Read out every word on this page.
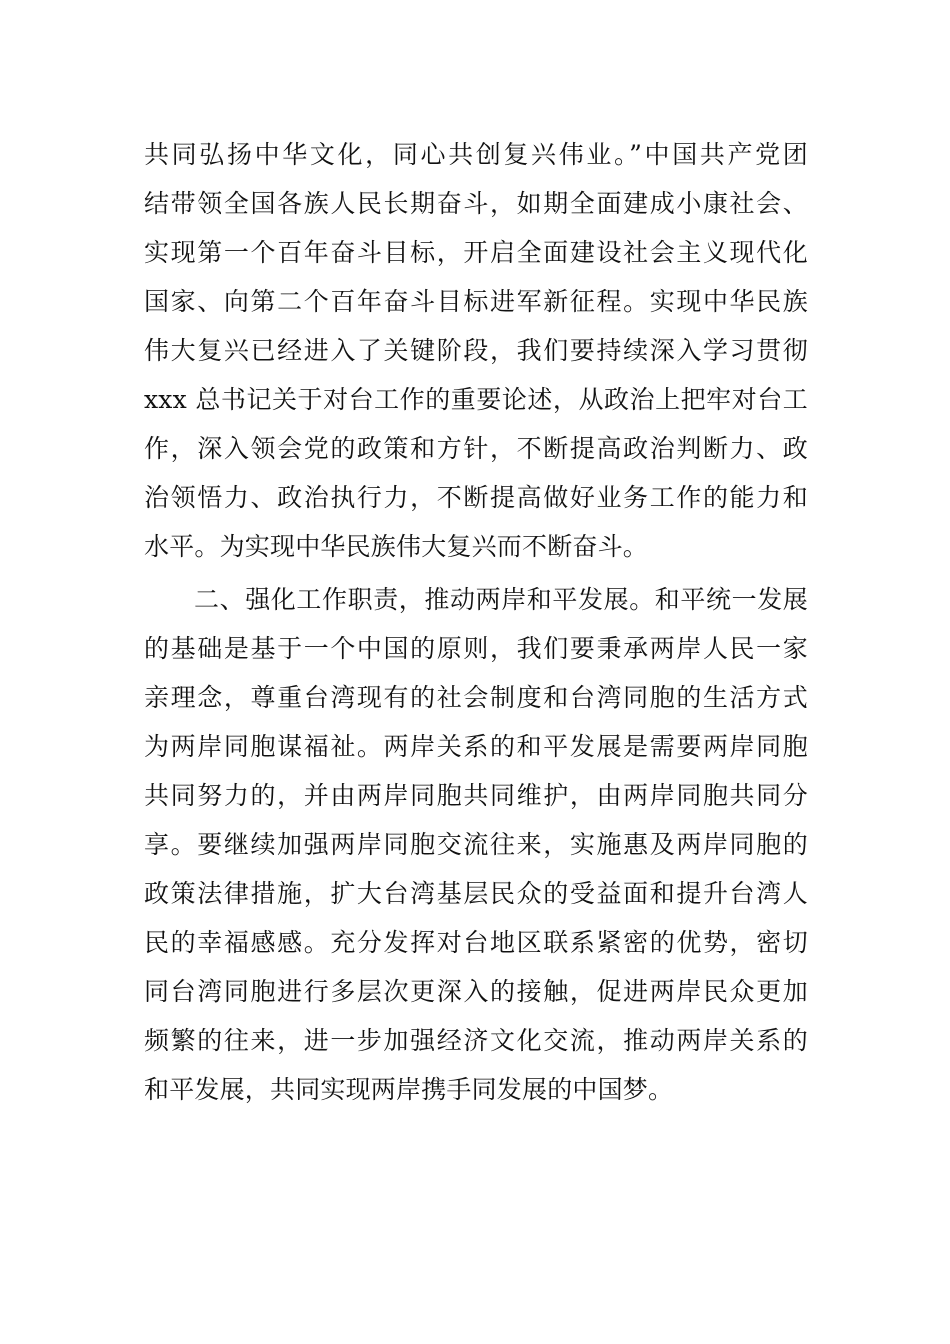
共同弘扬中华文化，同心共创复兴伟业。”中国共产党团
结带领全国各族人民长期奋斗，如期全面建成小康社会、
实现第一个百年奋斗目标，开启全面建设社会主义现代化
国家、向第二个百年奋斗目标进军新征程。实现中华民族
伟大复兴已经进入了关键阶段，我们要持续深入学习贯彻
xxx 总书记关于对台工作的重要论述，从政治上把牢对台工
作，深入领会党的政策和方针，不断提高政治判断力、政
治领悟力、政治执行力，不断提高做好业务工作的能力和
水平。为实现中华民族伟大复兴而不断奋斗。
二、强化工作职责，推动两岸和平发展。和平统一发展
的基础是基于一个中国的原则，我们要秉承两岸人民一家
亲理念，尊重台湾现有的社会制度和台湾同胞的生活方式
为两岸同胞谋福祉。两岸关系的和平发展是需要两岸同胞
共同努力的，并由两岸同胞共同维护，由两岸同胞共同分
享。要继续加强两岸同胞交流往来，实施惠及两岸同胞的
政策法律措施，扩大台湾基层民众的受益面和提升台湾人
民的幸福感感。充分发挥对台地区联系紧密的优势，密切
同台湾同胞进行多层次更深入的接触，促进两岸民众更加
频繁的往来，进一步加强经济文化交流，推动两岸关系的
和平发展，共同实现两岸携手同发展的中国梦。
